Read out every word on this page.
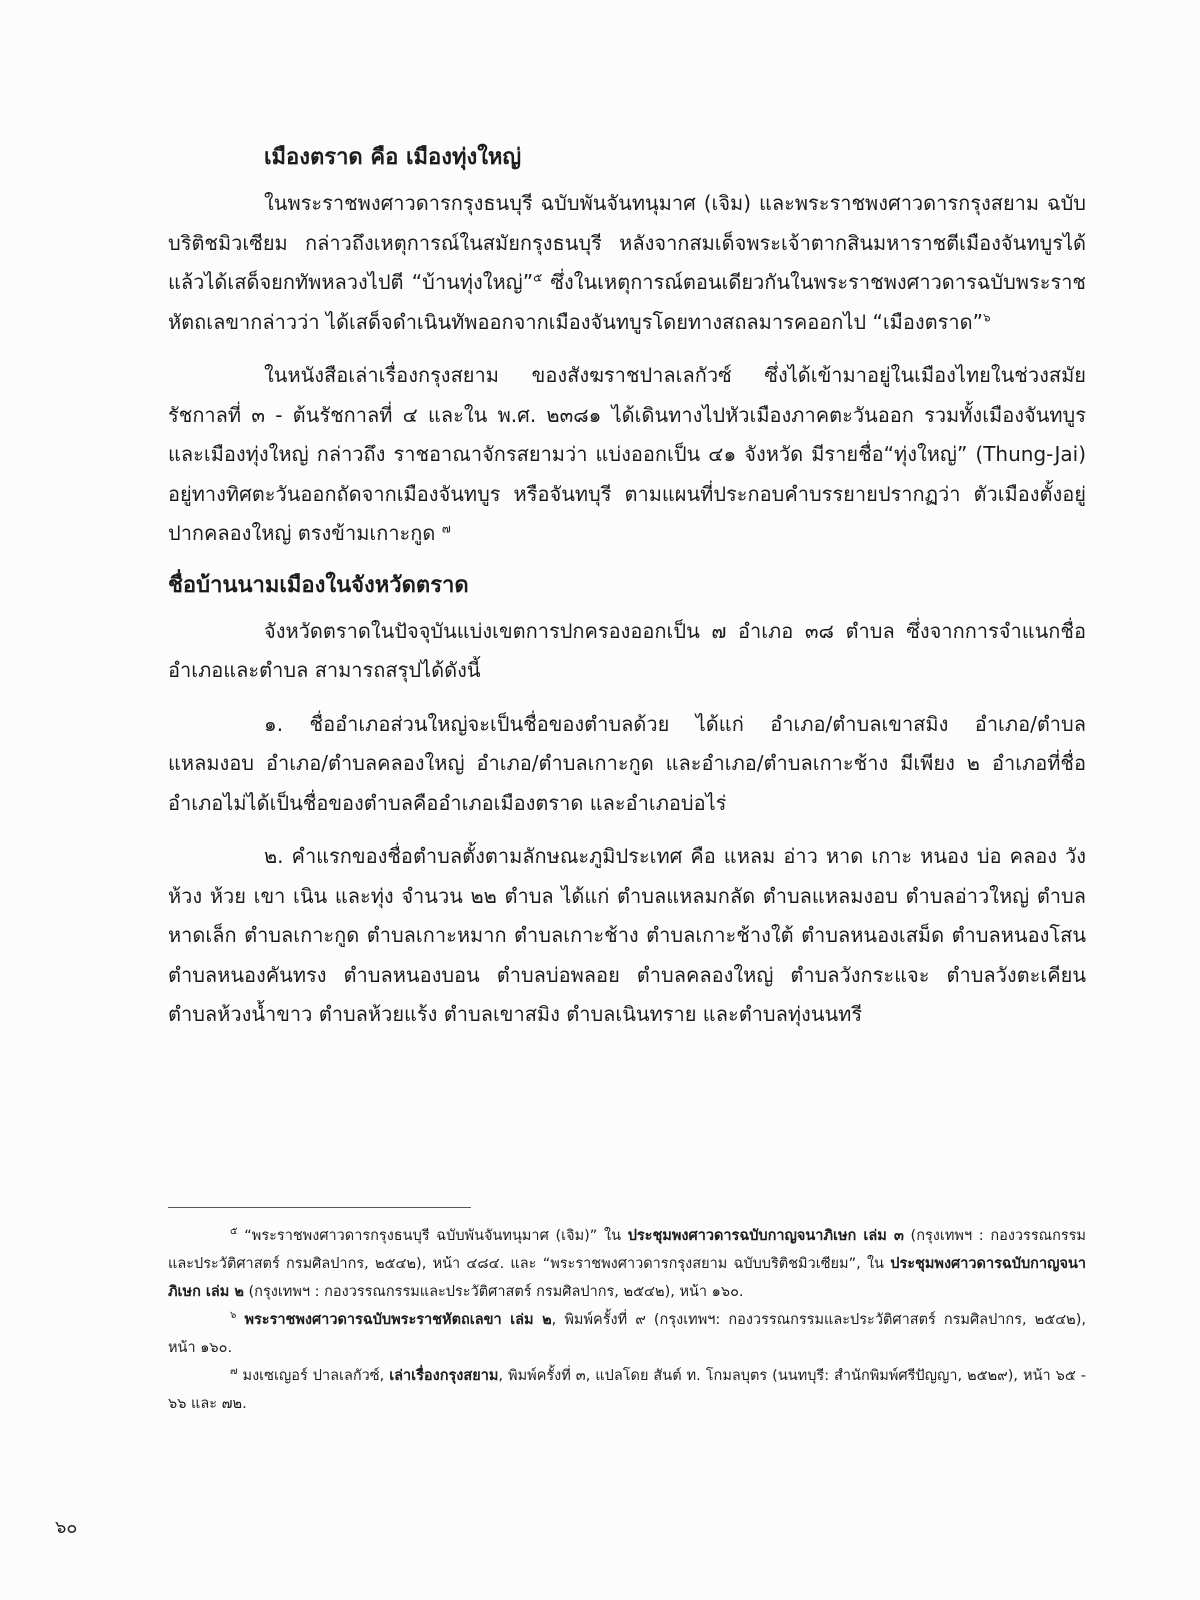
เมืองตราด คือ เมืองทุ่งใหญ่

ในพระราชพงศาวดารกรุงธนบุรี ฉบับพันจันทนุมาศ (เจิม) และพระราชพงศาวดารกรุงสยาม ฉบับบริติชมิวเซียม กล่าวถึงเหตุการณ์ในสมัยกรุงธนบุรี หลังจากสมเด็จพระเจ้าตากสินมหาราชตีเมืองจันทบูรได้แล้วได้เสด็จยกทัพหลวงไปตี “บ้านทุ่งใหญ่”$^๕$ ซึ่งในเหตุการณ์ตอนเดียวกันในพระราชพงศาวดารฉบับพระราชหัตถเลขากล่าวว่า ได้เสด็จดำเนินทัพออกจากเมืองจันทบูรโดยทางสถลมารคออกไป “เมืองตราด”$^๖$

ในหนังสือเล่าเรื่องกรุงสยาม ของสังฆราชปาลเลกัวซ์ ซึ่งได้เข้ามาอยู่ในเมืองไทยในช่วงสมัยรัชกาลที่ ๓ - ต้นรัชกาลที่ ๔ และใน พ.ศ. ๒๓๘๑ ได้เดินทางไปหัวเมืองภาคตะวันออก รวมทั้งเมืองจันทบูรและเมืองทุ่งใหญ่ กล่าวถึง ราชอาณาจักรสยามว่า แบ่งออกเป็น ๔๑ จังหวัด มีรายชื่อ“ทุ่งใหญ่” (Thung-Jai) อยู่ทางทิศตะวันออกถัดจากเมืองจันทบูร หรือจันทบุรี ตามแผนที่ประกอบคำบรรยายปรากฏว่า ตัวเมืองตั้งอยู่ปากคลองใหญ่ ตรงข้ามเกาะกูด $^๗$

ชื่อบ้านนามเมืองในจังหวัดตราด

จังหวัดตราดในปัจจุบันแบ่งเขตการปกครองออกเป็น ๗ อำเภอ ๓๘ ตำบล ซึ่งจากการจำแนกชื่ออำเภอและตำบล สามารถสรุปได้ดังนี้

๑. ชื่ออำเภอส่วนใหญ่จะเป็นชื่อของตำบลด้วย ได้แก่ อำเภอ/ตำบลเขาสมิง อำเภอ/ตำบลแหลมงอบ อำเภอ/ตำบลคลองใหญ่ อำเภอ/ตำบลเกาะกูด และอำเภอ/ตำบลเกาะช้าง มีเพียง ๒ อำเภอที่ชื่ออำเภอไม่ได้เป็นชื่อของตำบลคืออำเภอเมืองตราด และอำเภอบ่อไร่

๒. คำแรกของชื่อตำบลตั้งตามลักษณะภูมิประเทศ คือ แหลม อ่าว หาด เกาะ หนอง บ่อ คลอง วัง ห้วง ห้วย เขา เนิน และทุ่ง จำนวน ๒๒ ตำบล ได้แก่ ตำบลแหลมกลัด ตำบลแหลมงอบ ตำบลอ่าวใหญ่ ตำบลหาดเล็ก ตำบลเกาะกูด ตำบลเกาะหมาก ตำบลเกาะช้าง ตำบลเกาะช้างใต้ ตำบลหนองเสม็ด ตำบลหนองโสน ตำบลหนองคันทรง ตำบลหนองบอน ตำบลบ่อพลอย ตำบลคลองใหญ่ ตำบลวังกระแจะ ตำบลวังตะเคียน ตำบลห้วงน้ำขาว ตำบลห้วยแร้ง ตำบลเขาสมิง ตำบลเนินทราย และตำบลทุ่งนนทรี

$^๕$ “พระราชพงศาวดารกรุงธนบุรี ฉบับพันจันทนุมาศ (เจิม)” ใน ประชุมพงศาวดารฉบับกาญจนาภิเษก เล่ม ๓ (กรุงเทพฯ : กองวรรณกรรมและประวัติศาสตร์ กรมศิลปากร, ๒๕๔๒), หน้า ๔๘๔. และ “พระราชพงศาวดารกรุงสยาม ฉบับบริติชมิวเซียม”, ใน ประชุมพงศาวดารฉบับกาญจนาภิเษก เล่ม ๒ (กรุงเทพฯ : กองวรรณกรรมและประวัติศาสตร์ กรมศิลปากร, ๒๕๔๒), หน้า ๑๖๐.

$^๖$ พระราชพงศาวดารฉบับพระราชหัตถเลขา เล่ม ๒, พิมพ์ครั้งที่ ๙ (กรุงเทพฯ: กองวรรณกรรมและประวัติศาสตร์ กรมศิลปากร, ๒๕๔๒), หน้า ๑๖๐.

$^๗$ มงเซเญอร์ ปาลเลกัวซ์, เล่าเรื่องกรุงสยาม, พิมพ์ครั้งที่ ๓, แปลโดย สันต์ ท. โกมลบุตร (นนทบุรี: สำนักพิมพ์ศรีปัญญา, ๒๕๒๙), หน้า ๖๕ - ๖๖ และ ๗๒.

๖๐
